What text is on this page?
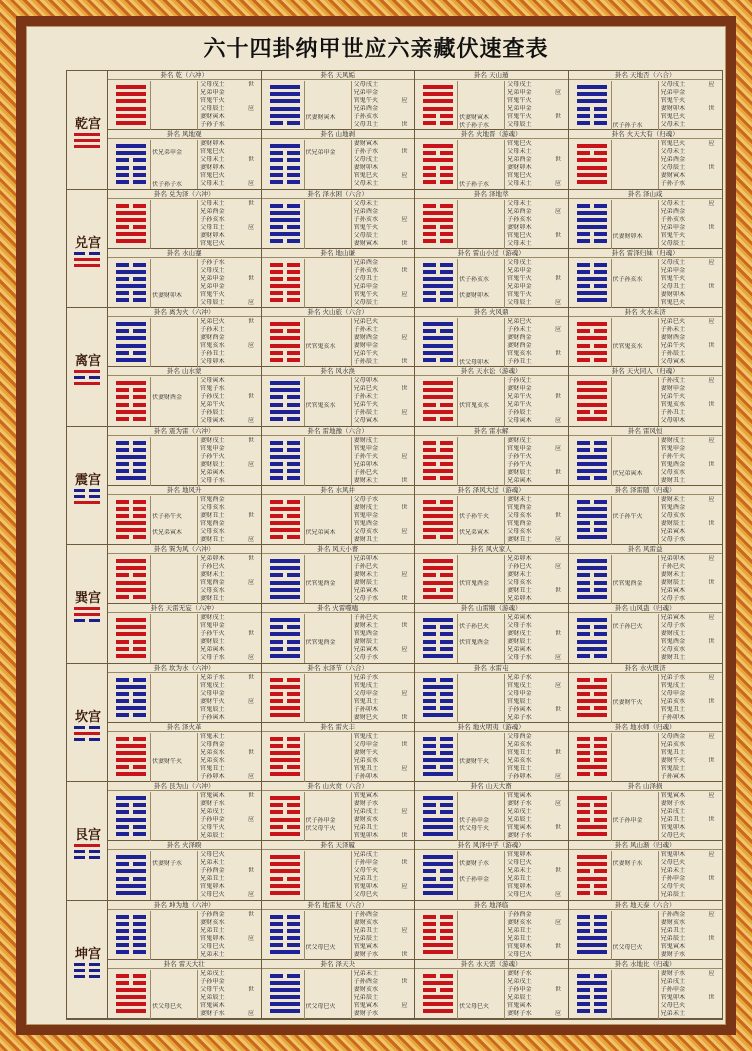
六十四卦纳甲世应六亲藏伏速查表
乾宫
卦名 乾（六冲）
父母戌土	世
兄弟申金
官鬼午火
父母辰土	应
妻财寅木
子孙子水
卦名 天风姤
伏妻财寅木
父母戌土
兄弟申金
官鬼午火	应
兄弟酉金
子孙亥水
父母丑土	世
卦名 天山遁
伏妻财寅木
伏子孙子水
父母戌土
兄弟申金	应
官鬼午火
兄弟申金
官鬼午火	世
父母辰土
卦名 天地否（六合）
伏子孙子水
父母戌土	应
兄弟申金
官鬼午火
妻财卯木	世
官鬼巳火
父母未土
卦名 风地观
伏兄弟申金
伏子孙子水
妻财卯木
官鬼巳火
父母未土	世
妻财卯木
官鬼巳火
父母未土	应
卦名 山地剥
伏兄弟申金
妻财寅木
子孙子水	世
父母戌土
妻财卯木
官鬼巳火	应
父母未土
卦名 火地晋（游魂）
伏子孙子水
官鬼巳火
父母未土
兄弟酉金	世
妻财卯木
官鬼巳火
父母未土	应
卦名 火天大有（归魂）
官鬼巳火	应
父母未土
兄弟酉金
父母辰土	世
妻财寅木
子孙子水
兑宫
卦名 兑为泽（六冲）
父母未土	世
兄弟酉金
子孙亥水
父母丑土	应
妻财卯木
官鬼巳火
卦名 泽水困（六合）
父母未土
兄弟酉金
子孙亥水	应
官鬼午火
父母辰土
妻财寅木	世
卦名 泽地萃
父母未土
兄弟酉金	应
子孙亥水
妻财卯木
官鬼巳火	世
父母未土
卦名 泽山咸
伏妻财卯木
父母未土	应
兄弟酉金
子孙亥水
兄弟申金	世
官鬼午火
父母辰土
卦名 水山蹇
伏妻财卯木
子孙子水
父母戌土
兄弟申金	世
兄弟申金
官鬼午火
父母辰土	应
卦名 地山谦
兄弟酉金
子孙亥水	世
父母丑土
兄弟申金
官鬼午火	应
父母辰土
卦名 雷山小过（游魂）
伏子孙亥水
伏妻财卯木
父母戌土
兄弟申金
官鬼午火	世
兄弟申金
官鬼午火
父母辰土	应
卦名 雷泽归妹（归魂）
伏子孙亥水
父母戌土	应
兄弟申金
官鬼午火
父母丑土	世
妻财卯木
官鬼巳火
离宫
卦名 离为火（六冲）
兄弟巳火	世
子孙未土
妻财酉金
官鬼亥水	应
子孙丑土
父母卯木
卦名 火山旅（六合）
伏官鬼亥水
兄弟巳火
子孙未土
妻财酉金	应
妻财申金
兄弟午火
子孙辰土	世
卦名 火风鼎
伏父母卯木
兄弟巳火
子孙未土	应
妻财酉金
妻财酉金
官鬼亥水	世
子孙丑土
卦名 火水未济
伏官鬼亥水
兄弟巳火	应
子孙未土
妻财酉金
兄弟午火	世
子孙辰土
父母寅木
卦名 山水蒙
伏妻财酉金
父母寅木
官鬼子水
子孙戌土	世
兄弟午火
子孙辰土
父母寅木	应
卦名 风水涣
伏官鬼亥水
父母卯木
兄弟巳火	世
子孙未土
兄弟午火
子孙辰土	应
父母寅木
卦名 天水讼（游魂）
伏官鬼亥水
子孙戌土
妻财申金
兄弟午火	世
兄弟午火
子孙辰土
父母寅木	应
卦名 天火同人（归魂）
子孙戌土	应
妻财申金
兄弟午火
官鬼亥水	世
子孙丑土
父母卯木
震宫
卦名 震为雷（六冲）
妻财戌土	世
官鬼申金
子孙午火
妻财辰土	应
兄弟寅木
父母子水
卦名 雷地豫（六合）
妻财戌土
官鬼申金
子孙午火	应
兄弟卯木
子孙巳火
妻财未土	世
卦名 雷水解
妻财戌土
官鬼申金	应
子孙午火
子孙午火
妻财辰土	世
兄弟寅木
卦名 雷风恒
伏兄弟寅木
妻财戌土	应
官鬼申金
子孙午火
官鬼酉金	世
父母亥水
妻财丑土
卦名 地风升
伏子孙午火
伏兄弟寅木
官鬼酉金
父母亥水
妻财丑土	世
官鬼酉金
父母亥水
妻财丑土	应
卦名 水风井
伏兄弟寅木
父母子水
妻财戌土	世
官鬼申金
官鬼酉金
父母亥水	应
妻财丑土
卦名 泽风大过（游魂）
伏子孙午火
伏兄弟寅木
妻财未土
官鬼酉金
父母亥水	世
官鬼酉金
父母亥水
妻财丑土	应
卦名 泽雷随（归魂）
伏子孙午火
妻财未土	应
官鬼酉金
父母亥水
妻财辰土	世
兄弟寅木
父母子水
巽宫
卦名 巽为风（六冲）
兄弟卯木	世
子孙巳火
妻财未土
官鬼酉金	应
父母亥水
妻财丑土
卦名 风天小畜
伏官鬼酉金
兄弟卯木
子孙巳火
妻财未土	应
妻财辰土
兄弟寅木
父母子水	世
卦名 风火家人
伏官鬼酉金
兄弟卯木
子孙巳火	应
妻财未土
父母亥水
妻财丑土	世
兄弟卯木
卦名 风雷益
伏官鬼酉金
兄弟卯木	应
子孙巳火
妻财未土
妻财辰土	世
兄弟寅木
父母子水
卦名 天雷无妄（六冲）
妻财戌土
官鬼申金
子孙午火	世
妻财辰土
兄弟寅木
父母子水	应
卦名 火雷噬嗑
伏官鬼酉金
子孙巳火
妻财未土	世
官鬼酉金
妻财辰土
兄弟寅木	应
父母子水
卦名 山雷颐（游魂）
伏子孙巳火
伏官鬼酉金
兄弟寅木
父母子水
妻财戌土	世
妻财辰土
兄弟寅木
父母子水	应
卦名 山风蛊（归魂）
伏子孙巳火
兄弟寅木	应
父母子水
妻财戌土
官鬼酉金	世
父母亥水
妻财丑土
坎宫
卦名 坎为水（六冲）
兄弟子水	世
官鬼戌土
父母申金
妻财午火	应
官鬼辰土
子孙寅木
卦名 水泽节（六合）
兄弟子水
官鬼戌土
父母申金	应
官鬼丑土
子孙卯木
妻财巳火	世
卦名 水雷屯
兄弟子水
官鬼戌土	应
父母申金
官鬼辰土
子孙寅木	世
兄弟子水
卦名 水火既济
伏妻财午火
兄弟子水	应
官鬼戌土
父母申金
兄弟亥水	世
官鬼丑土
子孙卯木
卦名 泽火革
伏妻财午火
官鬼未土
父母酉金
兄弟亥水	世
兄弟亥水
官鬼丑土
子孙卯木	应
卦名 雷火丰
官鬼戌土
父母申金	世
妻财午火
兄弟亥水
官鬼丑土	应
子孙卯木
卦名 地火明夷（游魂）
伏妻财午火
父母酉金
兄弟亥水
官鬼丑土	世
兄弟亥水
官鬼丑土
子孙卯木	应
卦名 地水师（归魂）
父母酉金	应
兄弟亥水
官鬼丑土
妻财午火	世
官鬼辰土
子孙寅木
艮宫
卦名 艮为山（六冲）
官鬼寅木	世
妻财子水
兄弟戌土
子孙申金	应
父母午火
兄弟辰土
卦名 山火贲（六合）
伏子孙申金
伏父母午火
官鬼寅木
妻财子水
兄弟戌土	应
妻财亥水
兄弟丑土
官鬼卯木	世
卦名 山天大畜
伏子孙申金
伏父母午火
官鬼寅木
妻财子水	应
兄弟戌土
兄弟辰土
官鬼寅木	世
妻财子水
卦名 山泽损
伏子孙申金
官鬼寅木	应
妻财子水
兄弟戌土
兄弟丑土	世
官鬼卯木
父母巳火
卦名 火泽睽
伏妻财子水
父母巳火
兄弟未土
子孙酉金	世
兄弟丑土
官鬼卯木
父母巳火	应
卦名 天泽履
兄弟戌土
子孙申金	世
父母午火
兄弟丑土
官鬼卯木	应
父母巳火
卦名 风泽中孚（游魂）
伏妻财子水
伏子孙申金
官鬼卯木
父母巳火
兄弟未土	世
兄弟丑土
官鬼卯木
父母巳火	应
卦名 风山渐（归魂）
伏妻财子水
官鬼卯木	应
父母巳火
兄弟未土
子孙申金	世
父母午火
兄弟辰土
坤宫
卦名 坤为地（六冲）
子孙酉金	世
妻财亥水
兄弟丑土
官鬼卯木	应
父母巳火
兄弟未土
卦名 地雷复（六合）
伏父母巳火
子孙酉金
妻财亥水
兄弟丑土	应
兄弟辰土
官鬼寅木
妻财子水	世
卦名 地泽临
子孙酉金
妻财亥水	应
兄弟丑土
兄弟丑土
官鬼卯木	世
父母巳火
卦名 地天泰（六合）
伏父母巳火
子孙酉金	应
妻财亥水
兄弟丑土
兄弟辰土	世
官鬼寅木
妻财子水
卦名 雷天大壮
伏父母巳火
兄弟戌土
子孙申金
父母午火	世
兄弟辰土
官鬼寅木
妻财子水	应
卦名 泽天夬
伏父母巳火
兄弟未土
子孙酉金	世
妻财亥水
兄弟辰土
官鬼寅木	应
妻财子水
卦名 水天需（游魂）
伏父母巳火
妻财子水
兄弟戌土
子孙申金	世
兄弟辰土
官鬼寅木
妻财子水	应
卦名 水地比（归魂）
妻财子水	应
兄弟戌土
子孙申金
官鬼卯木	世
父母巳火
兄弟未土
